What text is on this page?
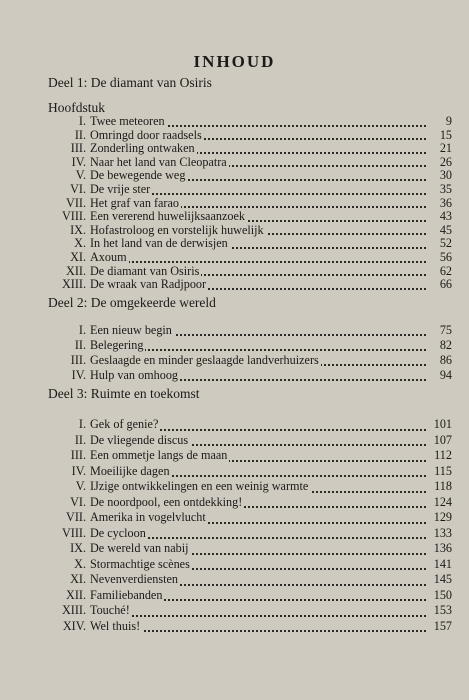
INHOUD
Deel 1: De diamant van Osiris
Hoofdstuk
I. Twee meteoren	9
II. Omringd door raadsels	15
III. Zonderling ontwaken	21
IV. Naar het land van Cleopatra	26
V. De bewegende weg	30
VI. De vrije ster	35
VII. Het graf van farao	36
VIII. Een vererend huwelijksaanzoek	43
IX. Hofastroloog en vorstelijk huwelijk	45
X. In het land van de derwisjen	52
XI. Axoum	56
XII. De diamant van Osiris	62
XIII. De wraak van Radjpoor	66
Deel 2: De omgekeerde wereld
I. Een nieuw begin	75
II. Belegering	82
III. Geslaagde en minder geslaagde landverhuizers	86
IV. Hulp van omhoog	94
Deel 3: Ruimte en toekomst
I. Gek of genie?	101
II. De vliegende discus	107
III. Een ommetje langs de maan	112
IV. Moeilijke dagen	115
V. IJzige ontwikkelingen en een weinig warmte	118
VI. De noordpool, een ontdekking!	124
VII. Amerika in vogelvlucht	129
VIII. De cycloon	133
IX. De wereld van nabij	136
X. Stormachtige scènes	141
XI. Nevenverdiensten	145
XII. Familiebanden	150
XIII. Touché!	153
XIV. Wel thuis!	157
